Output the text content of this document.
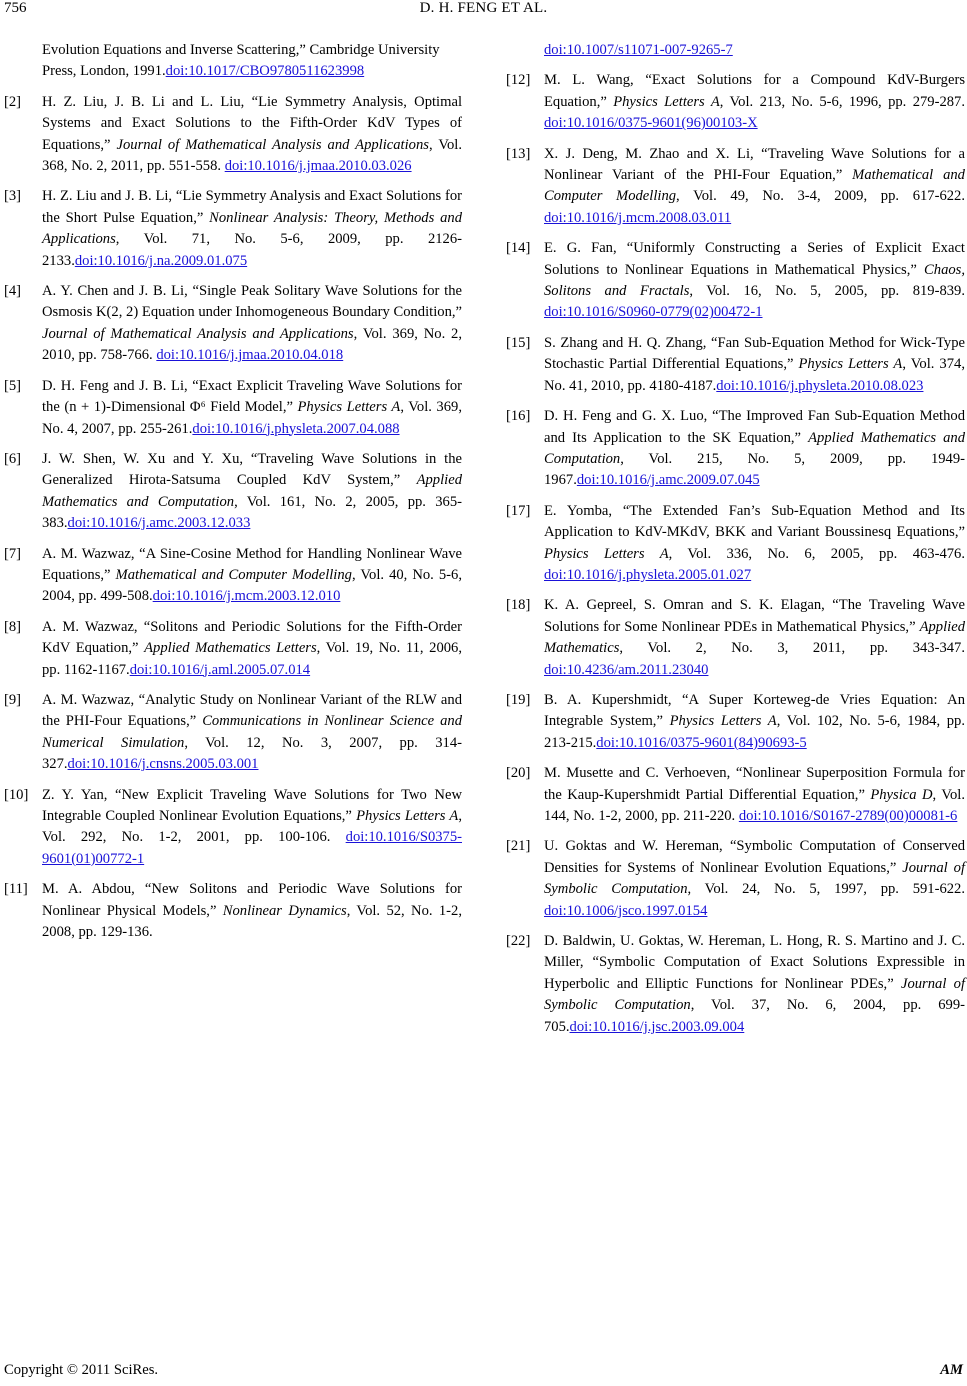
756	D. H. FENG ET AL.
Evolution Equations and Inverse Scattering,” Cambridge University Press, London, 1991.doi:10.1017/CBO9780511623998
[2]	H. Z. Liu, J. B. Li and L. Liu, “Lie Symmetry Analysis, Optimal Systems and Exact Solutions to the Fifth-Order KdV Types of Equations,” Journal of Mathematical Analysis and Applications, Vol. 368, No. 2, 2011, pp. 551-558. doi:10.1016/j.jmaa.2010.03.026
[3]	H. Z. Liu and J. B. Li, “Lie Symmetry Analysis and Exact Solutions for the Short Pulse Equation,” Nonlinear Analysis: Theory, Methods and Applications, Vol. 71, No. 5-6, 2009, pp. 2126-2133.doi:10.1016/j.na.2009.01.075
[4]	A. Y. Chen and J. B. Li, “Single Peak Solitary Wave Solutions for the Osmosis K(2, 2) Equation under Inhomogeneous Boundary Condition,” Journal of Mathematical Analysis and Applications, Vol. 369, No. 2, 2010, pp. 758-766. doi:10.1016/j.jmaa.2010.04.018
[5]	D. H. Feng and J. B. Li, “Exact Explicit Traveling Wave Solutions for the (n + 1)-Dimensional Φ⁶ Field Model,” Physics Letters A, Vol. 369, No. 4, 2007, pp. 255-261.doi:10.1016/j.physleta.2007.04.088
[6]	J. W. Shen, W. Xu and Y. Xu, “Traveling Wave Solutions in the Generalized Hirota-Satsuma Coupled KdV System,” Applied Mathematics and Computation, Vol. 161, No. 2, 2005, pp. 365-383.doi:10.1016/j.amc.2003.12.033
[7]	A. M. Wazwaz, “A Sine-Cosine Method for Handling Nonlinear Wave Equations,” Mathematical and Computer Modelling, Vol. 40, No. 5-6, 2004, pp. 499-508.doi:10.1016/j.mcm.2003.12.010
[8]	A. M. Wazwaz, “Solitons and Periodic Solutions for the Fifth-Order KdV Equation,” Applied Mathematics Letters, Vol. 19, No. 11, 2006, pp. 1162-1167.doi:10.1016/j.aml.2005.07.014
[9]	A. M. Wazwaz, “Analytic Study on Nonlinear Variant of the RLW and the PHI-Four Equations,” Communications in Nonlinear Science and Numerical Simulation, Vol. 12, No. 3, 2007, pp. 314-327.doi:10.1016/j.cnsns.2005.03.001
[10] Z. Y. Yan, “New Explicit Traveling Wave Solutions for Two New Integrable Coupled Nonlinear Evolution Equations,” Physics Letters A, Vol. 292, No. 1-2, 2001, pp. 100-106. doi:10.1016/S0375-9601(01)00772-1
[11] M. A. Abdou, “New Solitons and Periodic Wave Solutions for Nonlinear Physical Models,” Nonlinear Dynamics, Vol. 52, No. 1-2, 2008, pp. 129-136.
doi:10.1007/s11071-007-9265-7
[12] M. L. Wang, “Exact Solutions for a Compound KdV-Burgers Equation,” Physics Letters A, Vol. 213, No. 5-6, 1996, pp. 279-287. doi:10.1016/0375-9601(96)00103-X
[13] X. J. Deng, M. Zhao and X. Li, “Traveling Wave Solutions for a Nonlinear Variant of the PHI-Four Equation,” Mathematical and Computer Modelling, Vol. 49, No. 3-4, 2009, pp. 617-622. doi:10.1016/j.mcm.2008.03.011
[14] E. G. Fan, “Uniformly Constructing a Series of Explicit Exact Solutions to Nonlinear Equations in Mathematical Physics,” Chaos, Solitons and Fractals, Vol. 16, No. 5, 2005, pp. 819-839. doi:10.1016/S0960-0779(02)00472-1
[15] S. Zhang and H. Q. Zhang, “Fan Sub-Equation Method for Wick-Type Stochastic Partial Differential Equations,” Physics Letters A, Vol. 374, No. 41, 2010, pp. 4180-4187.doi:10.1016/j.physleta.2010.08.023
[16] D. H. Feng and G. X. Luo, “The Improved Fan Sub-Equation Method and Its Application to the SK Equation,” Applied Mathematics and Computation, Vol. 215, No. 5, 2009, pp. 1949-1967.doi:10.1016/j.amc.2009.07.045
[17] E. Yomba, “The Extended Fan’s Sub-Equation Method and Its Application to KdV-MKdV, BKK and Variant Boussinesq Equations,” Physics Letters A, Vol. 336, No. 6, 2005, pp. 463-476. doi:10.1016/j.physleta.2005.01.027
[18] K. A. Gepreel, S. Omran and S. K. Elagan, “The Traveling Wave Solutions for Some Nonlinear PDEs in Mathematical Physics,” Applied Mathematics, Vol. 2, No. 3, 2011, pp. 343-347. doi:10.4236/am.2011.23040
[19] B. A. Kupershmidt, “A Super Korteweg-de Vries Equation: An Integrable System,” Physics Letters A, Vol. 102, No. 5-6, 1984, pp. 213-215.doi:10.1016/0375-9601(84)90693-5
[20] M. Musette and C. Verhoeven, “Nonlinear Superposition Formula for the Kaup-Kupershmidt Partial Differential Equation,” Physica D, Vol. 144, No. 1-2, 2000, pp. 211-220. doi:10.1016/S0167-2789(00)00081-6
[21] U. Goktas and W. Hereman, “Symbolic Computation of Conserved Densities for Systems of Nonlinear Evolution Equations,” Journal of Symbolic Computation, Vol. 24, No. 5, 1997, pp. 591-622. doi:10.1006/jsco.1997.0154
[22] D. Baldwin, U. Goktas, W. Hereman, L. Hong, R. S. Martino and J. C. Miller, “Symbolic Computation of Exact Solutions Expressible in Hyperbolic and Elliptic Functions for Nonlinear PDEs,” Journal of Symbolic Computation, Vol. 37, No. 6, 2004, pp. 699-705.doi:10.1016/j.jsc.2003.09.004
Copyright © 2011 SciRes.	AM
